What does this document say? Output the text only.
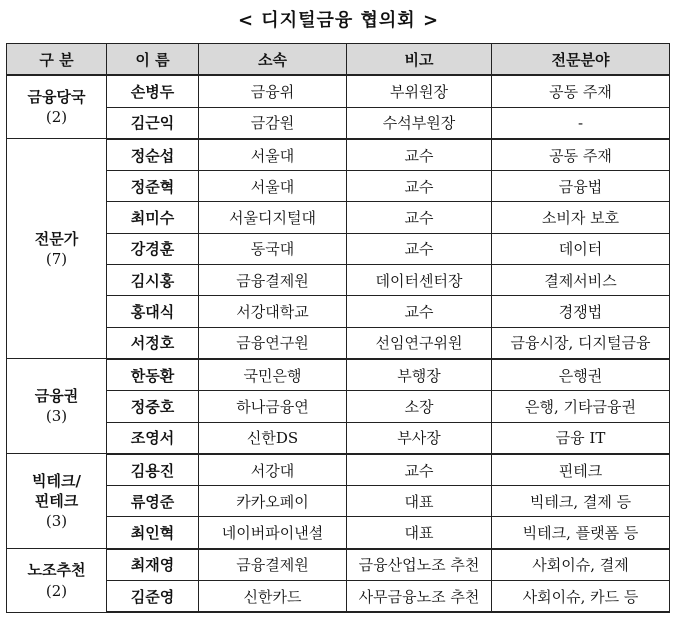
< 디지털금융 협의회 >
구 분	이 름	소속	비고	전문분야

금융당국
(2)	손병두	금융위	부위원장	공동 주재
	김근익	금감원	수석부원장	-

전문가
(7)	정순섭	서울대	교수	공동 주재
	정준혁	서울대	교수	금융법
	최미수	서울디지털대	교수	소비자 보호
	강경훈	동국대	교수	데이터
	김시홍	금융결제원	데이터센터장	결제서비스
	홍대식	서강대학교	교수	경쟁법
	서정호	금융연구원	선임연구위원	금융시장, 디지털금융

금융권
(3)	한동환	국민은행	부행장	은행권
	정중호	하나금융연	소장	은행, 기타금융권
	조영서	신한DS	부사장	금융 IT

빅테크/
핀테크
(3)	김용진	서강대	교수	핀테크
	류영준	카카오페이	대표	빅테크, 결제 등
	최인혁	네이버파이낸셜	대표	빅테크, 플랫폼 등

노조추천
(2)	최재영	금융결제원	금융산업노조 추천	사회이슈, 결제
	김준영	신한카드	사무금융노조 추천	사회이슈, 카드 등
